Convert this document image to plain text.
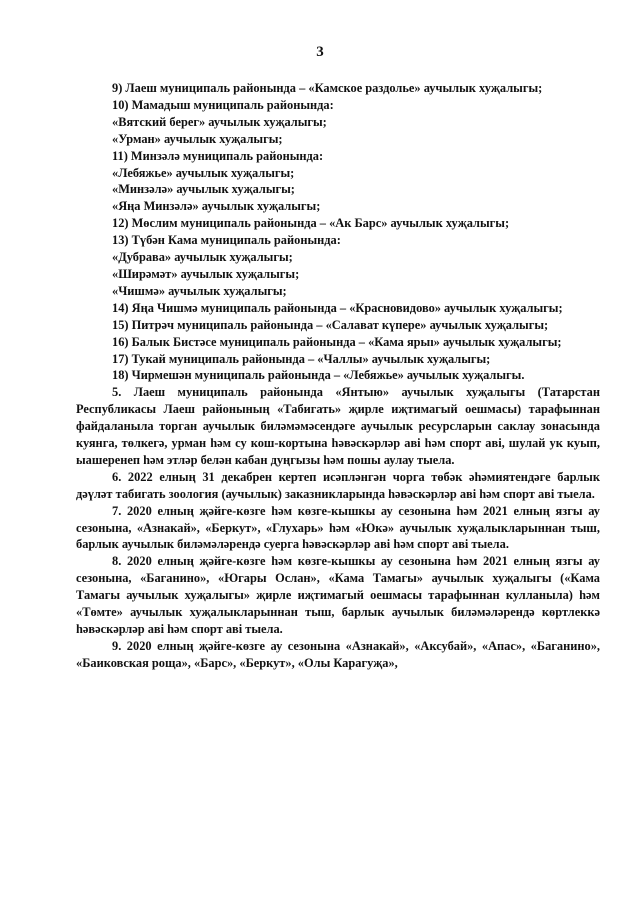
3

9) Лаеш муниципаль районында – «Камское раздолье» аучылык хуҗалыгы;

10) Мамадыш муниципаль районында:

«Вятский берег» аучылык хуҗалыгы;

«Урман» аучылык хуҗалыгы;

11) Минзәлә муниципаль районында:

«Лебяжье» аучылык хуҗалыгы;

«Минзәлә» аучылык хуҗалыгы;

«Яңа Минзәлә» аучылык хуҗалыгы;

12) Мөслим муниципаль районында – «Ак Барс» аучылык хуҗалыгы;

13) Түбән Кама муниципаль районында:

«Дубрава» аучылык хуҗалыгы;

«Ширәмәт» аучылык хуҗалыгы;

«Чишмә» аучылык хуҗалыгы;

14) Яңа Чишмә муниципаль районында – «Красновидово» аучылык хуҗалыгы;

15) Питрәч муниципаль районында – «Салават күпере» аучылык хуҗалыгы;

16) Балык Бистәсе муниципаль районында – «Кама ярыı» аучылык хуҗалыгы;

17) Тукай муниципаль районында – «Чаллы» аучылык хуҗалыгы;

18) Чирмешән муниципаль районында – «Лебяжье» аучылык хуҗалыгы.

5. Лаеш муниципаль районында «Янтыю» аучылык хуҗалыгы (Татарстан Республикасы Лаеш районының «Табигать» җирле иҗтимагый оешмасы) тарафыннан файдаланыла торган аучылык биләмәмәсендәге аучылык ресурсларын саклау зонасында куянга, төлкегә, урман һәм су кош-кортына һәвәскәрләр аві һәм спорт аві, шулай ук куып, ыашеренеп һәм этләр белән кабан дуңгызы һәм пошы аулау тыела.

6. 2022 елның 31 декабрен кертеп исәпләнгән чорга төбәк әһәмиятендәге барлык дәүләт табигать зоология (аучылык) заказникларында һәвәскәрләр аві һәм спорт аві тыела.

7. 2020 елның җәйге-көзге һәм көзге-кышкы ау сезонына һәм 2021 елның язгы ау сезонына, «Азнакай», «Беркут», «Глухарь» һәм «Юкә» аучылык хуҗалыкларыннан тыш, барлык аучылык биләмәләрендә суерга һәвәскәрләр аві һәм спорт аві тыела.

8. 2020 елның җәйге-көзге һәм көзге-кышкы ау сезонына һәм 2021 елның язгы ау сезонына, «Баганино», «Югары Ослан», «Кама Тамагы» аучылык хуҗалыгы («Кама Тамагы аучылык хуҗалыгы» җирле иҗтимагый оешмасы тарафыннан кулланыла) һәм «Төмте» аучылык хуҗалыкларыннан тыш, барлык аучылык биләмәләрендә көртлеккә һәвәскәрләр аві һәм спорт аві тыела.

9. 2020 елның җәйге-көзге ау сезонына «Азнакай», «Аксубай», «Апас», «Баганино», «Баиковская роща», «Барс», «Беркут», «Олы Карагуҗа»,
